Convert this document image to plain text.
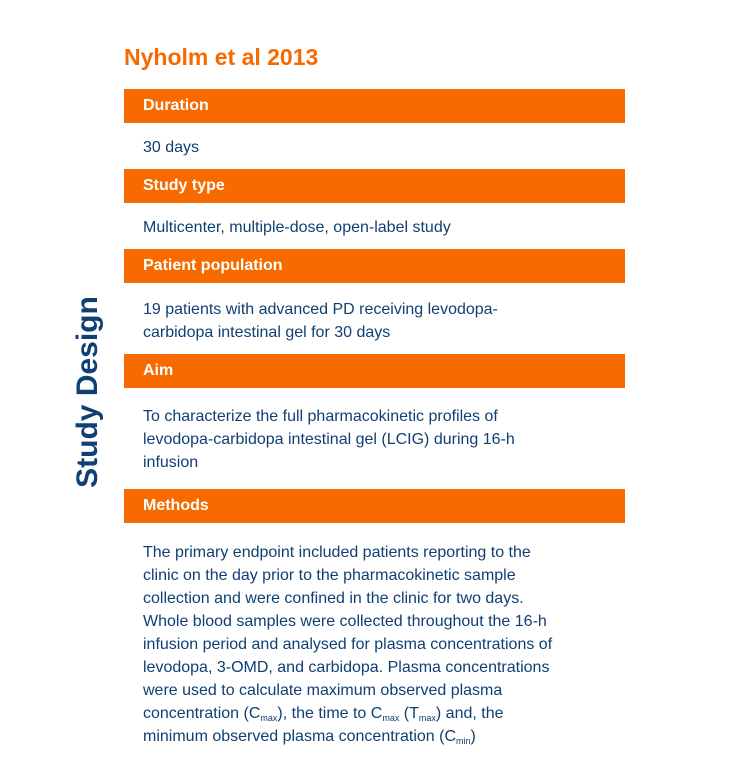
Nyholm et al 2013
Study Design
Duration
30 days
Study type
Multicenter, multiple-dose, open-label study
Patient population
19 patients with advanced PD receiving levodopa-
carbidopa intestinal gel for 30 days
Aim
To characterize the full pharmacokinetic profiles of
levodopa-carbidopa intestinal gel (LCIG) during 16-h
infusion
Methods
The primary endpoint included patients reporting to the
clinic on the day prior to the pharmacokinetic sample
collection and were confined in the clinic for two days.
Whole blood samples were collected throughout the 16-h
infusion period and analysed for plasma concentrations of
levodopa, 3-OMD, and carbidopa. Plasma concentrations
were used to calculate maximum observed plasma
concentration $(C_{max})$, the time to $C_{max}$ $(T_{max})$ and, the
minimum observed plasma concentration $(C_{min})$
